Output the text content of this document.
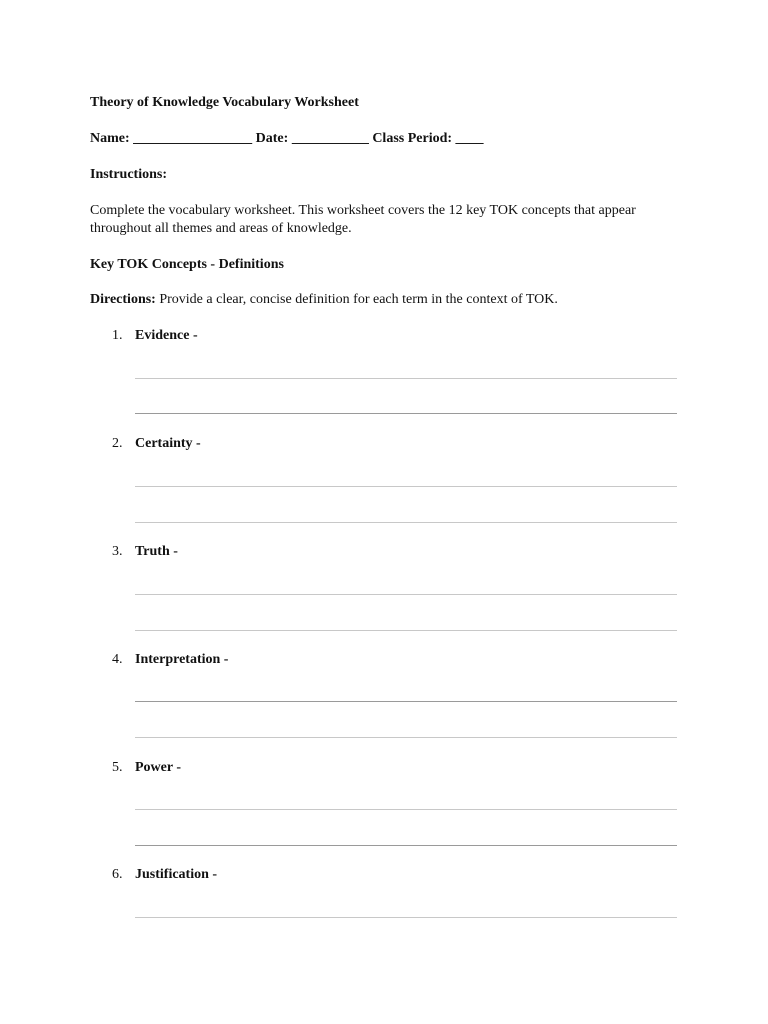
Theory of Knowledge Vocabulary Worksheet
Name: _________________ Date: ___________ Class Period: ____
Instructions:
Complete the vocabulary worksheet. This worksheet covers the 12 key TOK concepts that appear throughout all themes and areas of knowledge.
Key TOK Concepts - Definitions
Directions: Provide a clear, concise definition for each term in the context of TOK.
1. Evidence -
2. Certainty -
3. Truth -
4. Interpretation -
5. Power -
6. Justification -
